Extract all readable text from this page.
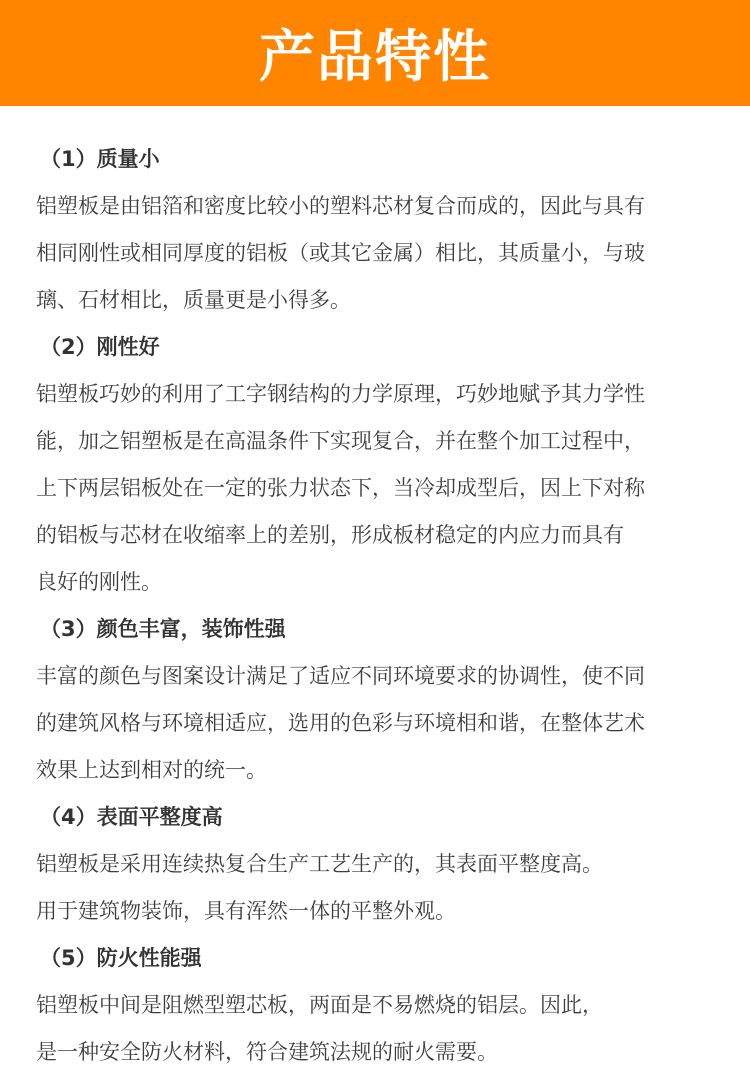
产品特性
（1）质量小
铝塑板是由铝箔和密度比较小的塑料芯材复合而成的，因此与具有
相同刚性或相同厚度的铝板（或其它金属）相比，其质量小，与玻
璃、石材相比，质量更是小得多。
（2）刚性好
铝塑板巧妙的利用了工字钢结构的力学原理，巧妙地赋予其力学性
能，加之铝塑板是在高温条件下实现复合，并在整个加工过程中，
上下两层铝板处在一定的张力状态下，当冷却成型后，因上下对称
的铝板与芯材在收缩率上的差别，形成板材稳定的内应力而具有
良好的刚性。
（3）颜色丰富，装饰性强
丰富的颜色与图案设计满足了适应不同环境要求的协调性，使不同
的建筑风格与环境相适应，选用的色彩与环境相和谐，在整体艺术
效果上达到相对的统一。
（4）表面平整度高
铝塑板是采用连续热复合生产工艺生产的，其表面平整度高。
用于建筑物装饰，具有浑然一体的平整外观。
（5）防火性能强
铝塑板中间是阻燃型塑芯板，两面是不易燃烧的铝层。因此，
是一种安全防火材料，符合建筑法规的耐火需要。
